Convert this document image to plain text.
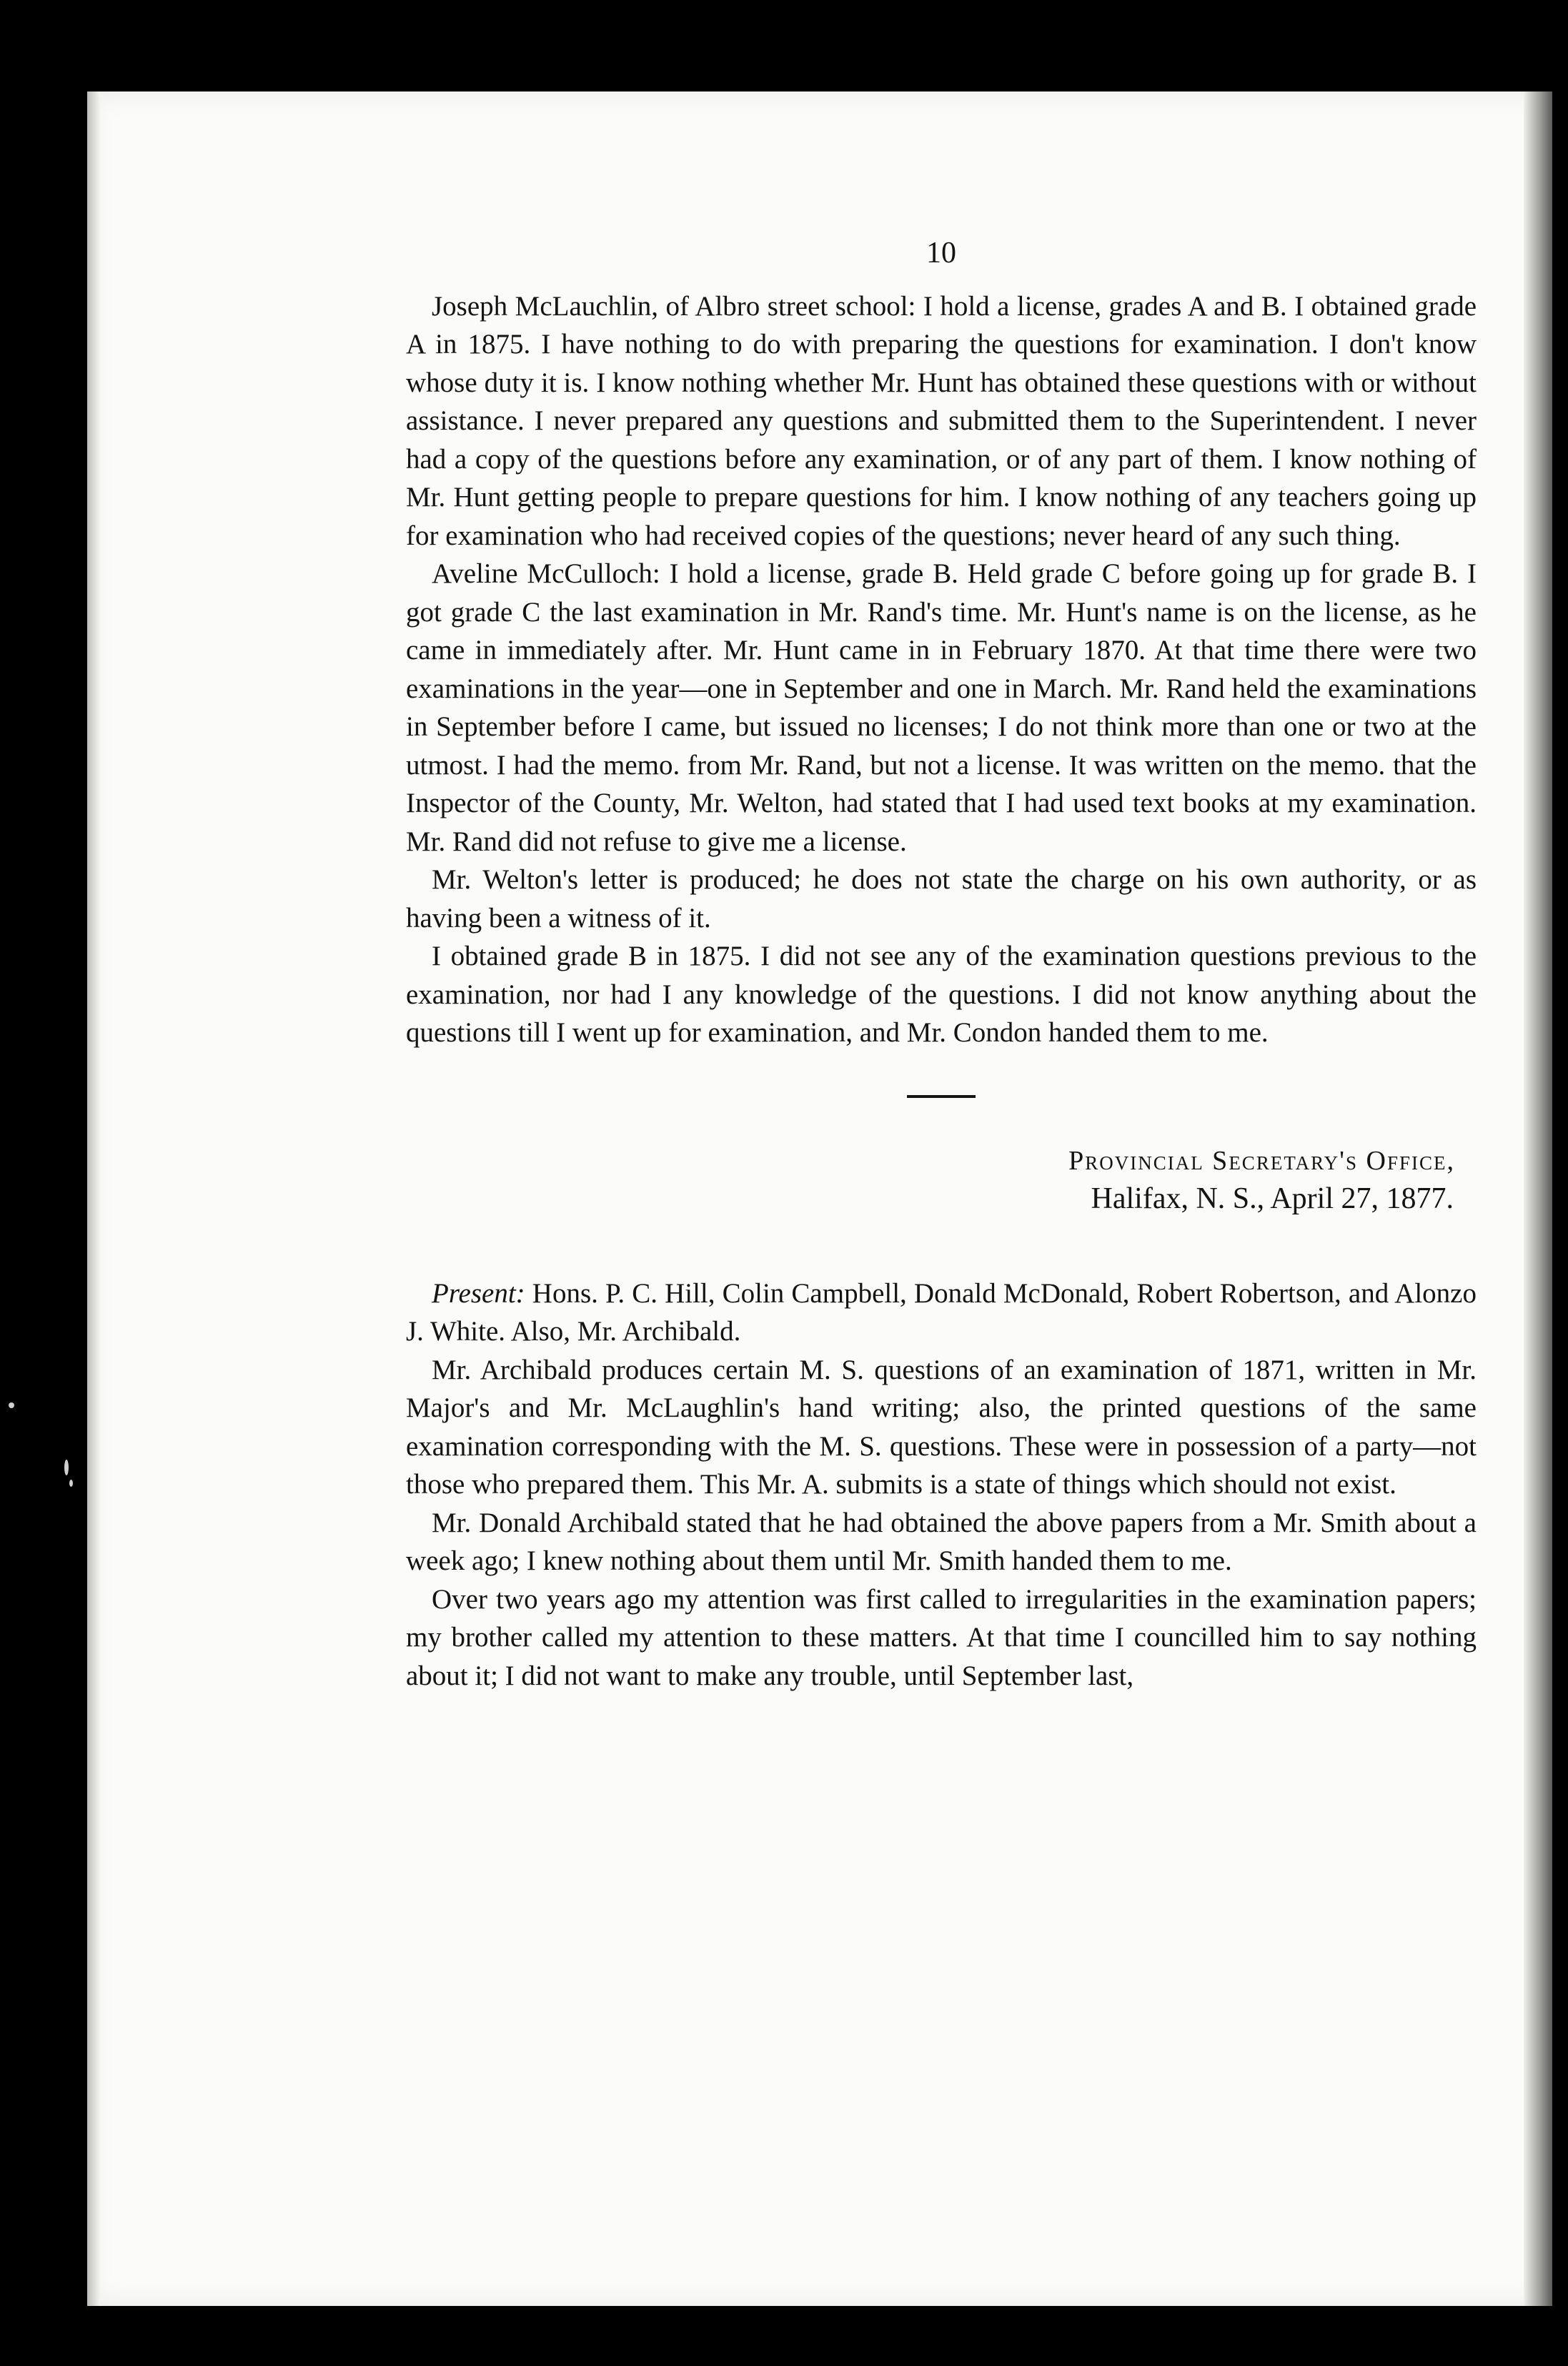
10

Joseph McLauchlin, of Albro street school: I hold a license, grades A and B. I obtained grade A in 1875. I have nothing to do with preparing the questions for examination. I don't know whose duty it is. I know nothing whether Mr. Hunt has obtained these questions with or without assistance. I never prepared any questions and submitted them to the Superintendent. I never had a copy of the questions before any examination, or of any part of them. I know nothing of Mr. Hunt getting people to prepare questions for him. I know nothing of any teachers going up for examination who had received copies of the questions; never heard of any such thing.

Aveline McCulloch: I hold a license, grade B. Held grade C before going up for grade B. I got grade C the last examination in Mr. Rand's time. Mr. Hunt's name is on the license, as he came in immediately after. Mr. Hunt came in in February 1870. At that time there were two examinations in the year—one in September and one in March. Mr. Rand held the examinations in September before I came, but issued no licenses; I do not think more than one or two at the utmost. I had the memo. from Mr. Rand, but not a license. It was written on the memo. that the Inspector of the County, Mr. Welton, had stated that I had used text books at my examination. Mr. Rand did not refuse to give me a license.

Mr. Welton's letter is produced; he does not state the charge on his own authority, or as having been a witness of it.

I obtained grade B in 1875. I did not see any of the examination questions previous to the examination, nor had I any knowledge of the questions. I did not know anything about the questions till I went up for examination, and Mr. Condon handed them to me.

Provincial Secretary's Office,

Halifax, N. S., April 27, 1877.

Present: Hons. P. C. Hill, Colin Campbell, Donald McDonald, Robert Robertson, and Alonzo J. White. Also, Mr. Archibald.

Mr. Archibald produces certain M. S. questions of an examination of 1871, written in Mr. Major's and Mr. McLaughlin's hand writing; also, the printed questions of the same examination corresponding with the M. S. questions. These were in possession of a party—not those who prepared them. This Mr. A. submits is a state of things which should not exist.

Mr. Donald Archibald stated that he had obtained the above papers from a Mr. Smith about a week ago; I knew nothing about them until Mr. Smith handed them to me.

Over two years ago my attention was first called to irregularities in the examination papers; my brother called my attention to these matters. At that time I councilled him to say nothing about it; I did not want to make any trouble, until September last,
